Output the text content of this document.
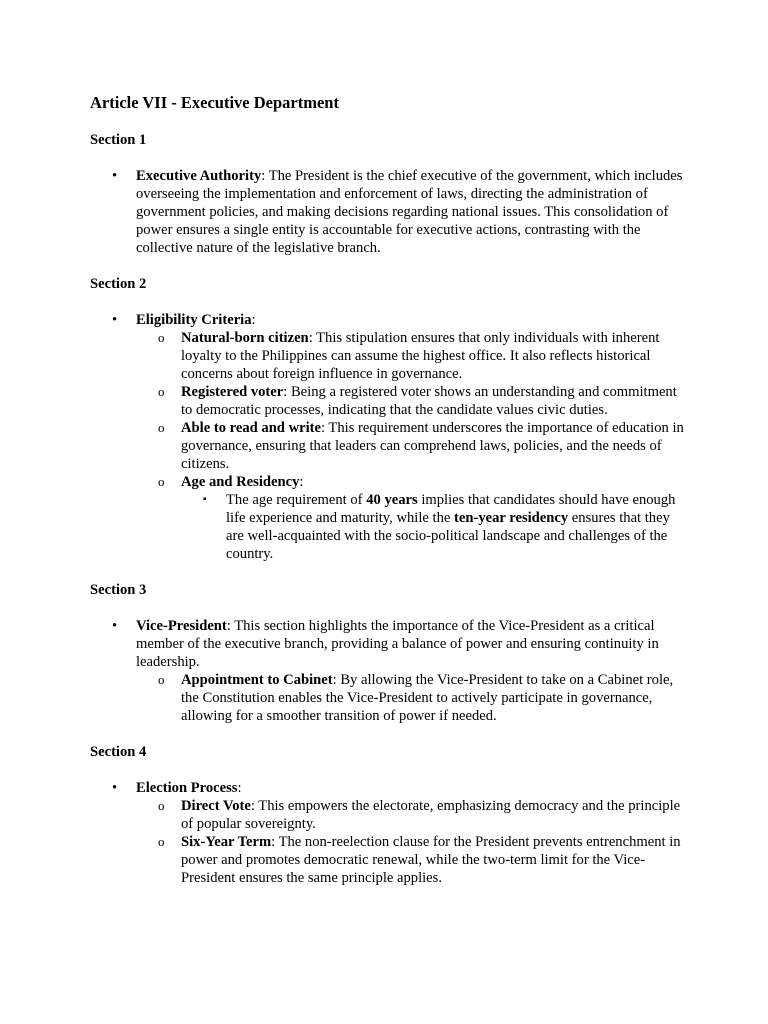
Article VII - Executive Department
Section 1
• Executive Authority: The President is the chief executive of the government, which includes overseeing the implementation and enforcement of laws, directing the administration of government policies, and making decisions regarding national issues. This consolidation of power ensures a single entity is accountable for executive actions, contrasting with the collective nature of the legislative branch.
Section 2
• Eligibility Criteria:
o Natural-born citizen: This stipulation ensures that only individuals with inherent loyalty to the Philippines can assume the highest office. It also reflects historical concerns about foreign influence in governance.
o Registered voter: Being a registered voter shows an understanding and commitment to democratic processes, indicating that the candidate values civic duties.
o Able to read and write: This requirement underscores the importance of education in governance, ensuring that leaders can comprehend laws, policies, and the needs of citizens.
o Age and Residency:
▪ The age requirement of 40 years implies that candidates should have enough life experience and maturity, while the ten-year residency ensures that they are well-acquainted with the socio-political landscape and challenges of the country.
Section 3
• Vice-President: This section highlights the importance of the Vice-President as a critical member of the executive branch, providing a balance of power and ensuring continuity in leadership.
o Appointment to Cabinet: By allowing the Vice-President to take on a Cabinet role, the Constitution enables the Vice-President to actively participate in governance, allowing for a smoother transition of power if needed.
Section 4
• Election Process:
o Direct Vote: This empowers the electorate, emphasizing democracy and the principle of popular sovereignty.
o Six-Year Term: The non-reelection clause for the President prevents entrenchment in power and promotes democratic renewal, while the two-term limit for the Vice-President ensures the same principle applies.
